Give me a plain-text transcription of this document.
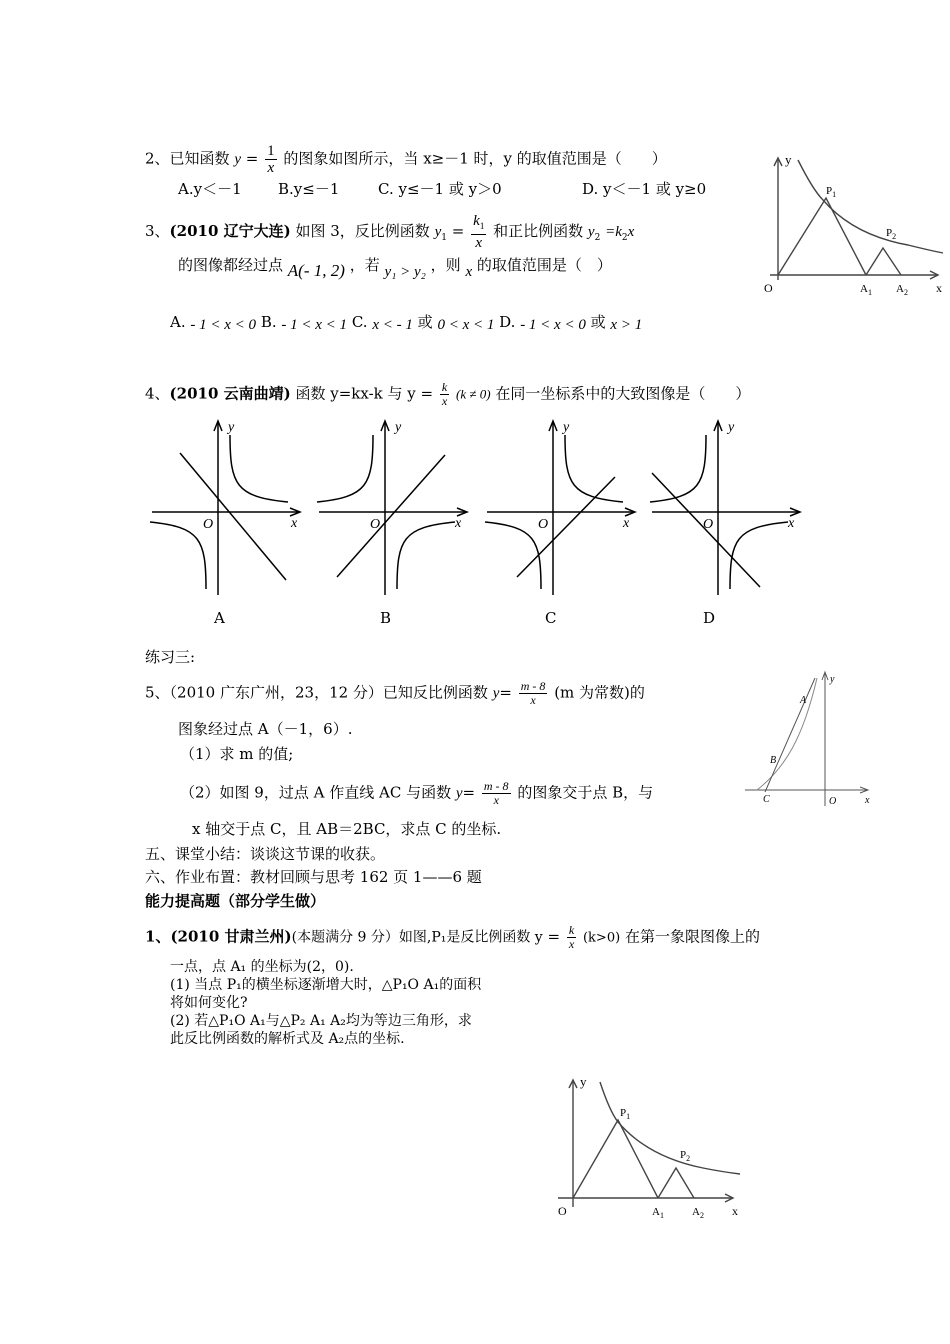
2、已知函数 $y = \frac{1}{x}$ 的图象如图所示，当 x≥－1 时，y 的取值范围是（　　）
A.y＜－1 B.y≤－1	C. y≤－1 或 y＞0	D. y＜－1 或 y≥0
3、(2010 辽宁大连) 如图 3，反比例函数 $y_1 = \frac{k_1}{x}$ 和正比例函数 $y_2 =k_2x$
的图像都经过点 A(- 1, 2) ，若 y₁ > y₂ ，则 x 的取值范围是（　）
A. - 1 < x < 0 B. - 1 < x < 1 C. x < - 1 或 0 < x < 1 D. - 1 < x < 0 或 x > 1
y
O	x
$P_1$
$P_2$
$A_1$ $A_2$
4、(2010 云南曲靖) 函数 y=kx-k 与 $y = \frac{k}{x} (k \ne 0)$ 在同一坐标系中的大致图像是（　　）
y
O	x
y
O	x
y
O	x
y
O	x
A	B	C	D
练习三:
5、（2010 广东广州，23，12 分）已知反比例函数 $y= \frac{m - 8}{x} (m$ 为常数)的
图象经过点 A（－1，6）.
（1）求 m 的值;
（2）如图 9，过点 A 作直线 AC 与函数 $y= \frac{m - 8}{x}$ 的图象交于点 B，与
x 轴交于点 C，且 AB＝2BC，求点 C 的坐标.
y
A
B
C	O	x
五、课堂小结：谈谈这节课的收获。
六、作业布置：教材回顾与思考 162 页 1——6 题
能力提高题（部分学生做）
1、(2010 甘肃兰州)(本题满分 9 分）如图,P₁是反比例函数 $y = \frac{k}{x} (k>0)$ 在第一象限图像上的
一点，点 A₁ 的坐标为(2，0).
(1) 当点 P₁的横坐标逐渐增大时，△P₁O A₁的面积
将如何变化?
(2) 若△P₁O A₁与△P₂ A₁ A₂均为等边三角形，求
此反比例函数的解析式及 A₂点的坐标.
y
O	x
$P_1$
$P_2$
$A_1$	$A_2$
